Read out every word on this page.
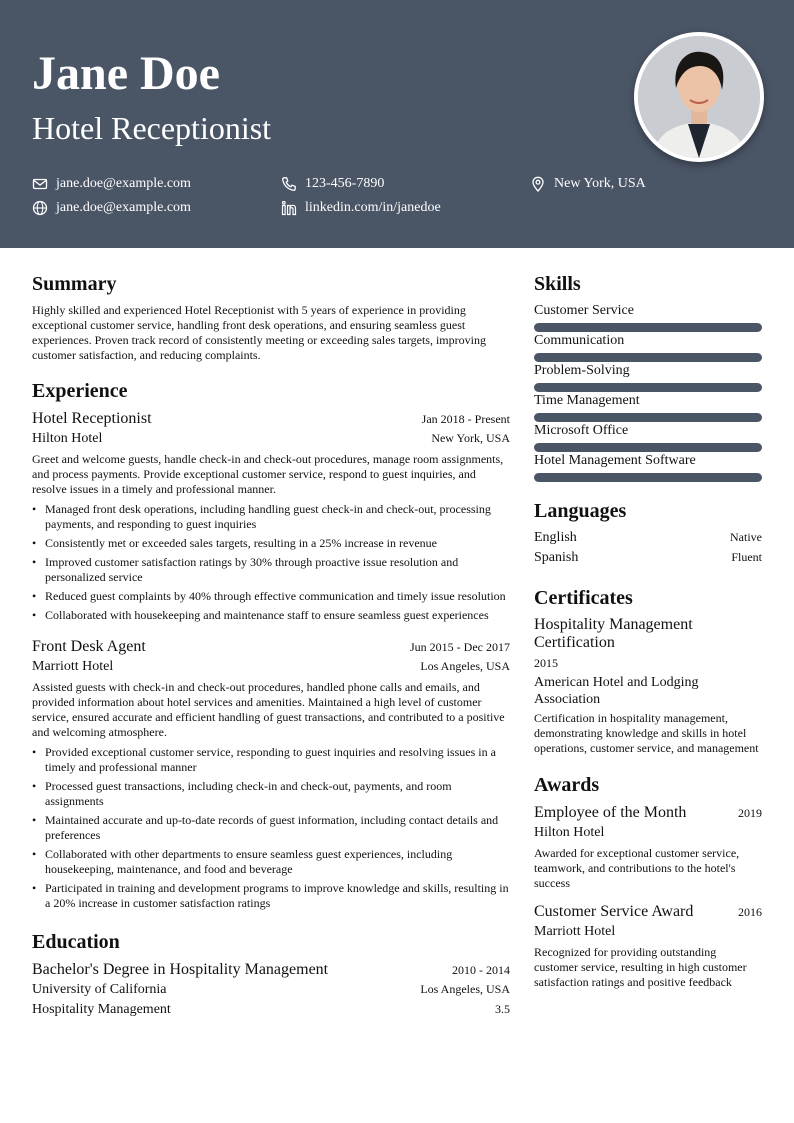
Jane Doe
Hotel Receptionist
jane.doe@example.com	123-456-7890	New York, USA
jane.doe@example.com	linkedin.com/in/janedoe
Summary
Highly skilled and experienced Hotel Receptionist with 5 years of experience in providing exceptional customer service, handling front desk operations, and ensuring seamless guest experiences. Proven track record of consistently meeting or exceeding sales targets, improving customer satisfaction, and reducing complaints.
Experience
Hotel Receptionist	Jan 2018 - Present
Hilton Hotel	New York, USA
Greet and welcome guests, handle check-in and check-out procedures, manage room assignments, and process payments. Provide exceptional customer service, respond to guest inquiries, and resolve issues in a timely and professional manner.
• Managed front desk operations, including handling guest check-in and check-out, processing payments, and responding to guest inquiries
• Consistently met or exceeded sales targets, resulting in a 25% increase in revenue
• Improved customer satisfaction ratings by 30% through proactive issue resolution and personalized service
• Reduced guest complaints by 40% through effective communication and timely issue resolution
• Collaborated with housekeeping and maintenance staff to ensure seamless guest experiences
Front Desk Agent	Jun 2015 - Dec 2017
Marriott Hotel	Los Angeles, USA
Assisted guests with check-in and check-out procedures, handled phone calls and emails, and provided information about hotel services and amenities. Maintained a high level of customer service, ensured accurate and efficient handling of guest transactions, and contributed to a positive and welcoming atmosphere.
• Provided exceptional customer service, responding to guest inquiries and resolving issues in a timely and professional manner
• Processed guest transactions, including check-in and check-out, payments, and room assignments
• Maintained accurate and up-to-date records of guest information, including contact details and preferences
• Collaborated with other departments to ensure seamless guest experiences, including housekeeping, maintenance, and food and beverage
• Participated in training and development programs to improve knowledge and skills, resulting in a 20% increase in customer satisfaction ratings
Education
Bachelor's Degree in Hospitality Management	2010 - 2014
University of California	Los Angeles, USA
Hospitality Management	3.5
Skills
Customer Service
Communication
Problem-Solving
Time Management
Microsoft Office
Hotel Management Software
Languages
English	Native
Spanish	Fluent
Certificates
Hospitality Management Certification
2015
American Hotel and Lodging Association
Certification in hospitality management, demonstrating knowledge and skills in hotel operations, customer service, and management
Awards
Employee of the Month	2019
Hilton Hotel
Awarded for exceptional customer service, teamwork, and contributions to the hotel's success
Customer Service Award	2016
Marriott Hotel
Recognized for providing outstanding customer service, resulting in high customer satisfaction ratings and positive feedback
